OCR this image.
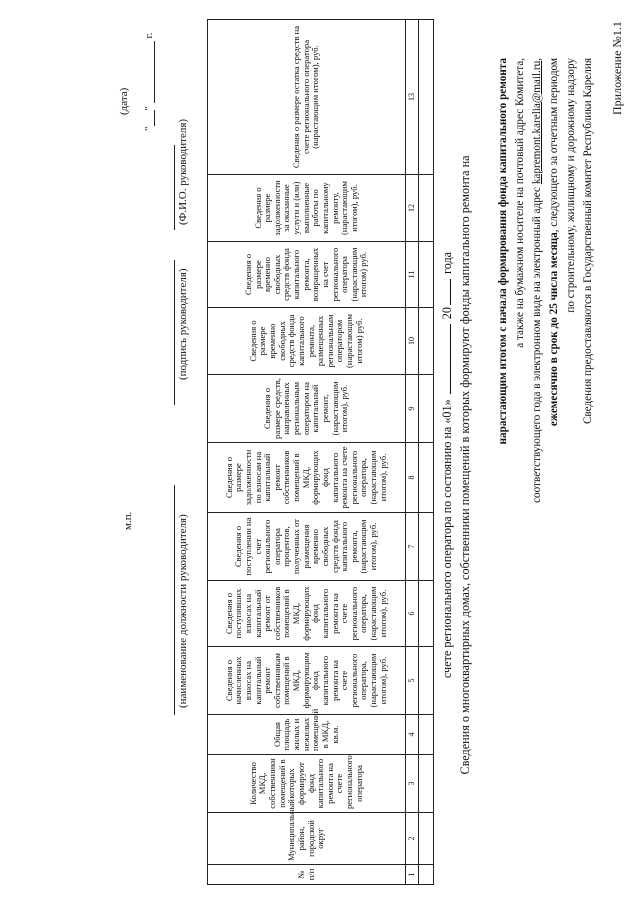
Приложение №1.1
Сведения предоставляются в Государственный комитет Республики Карелия
по строительному, жилищному и дорожному надзору
ежемесячно в срок до 25 числа месяца, следующего за отчетным периодом
соответствующего года в электронном виде на электронный адрес kapremont.karelia@mail.ru,
а также на бумажном носителе на почтовый адрес Комитета,
нарастающим итогом с начала формирования фонда капитального ремонта
Сведения о многоквартирных домах, собственники помещений в которых формируют фонды капитального ремонта на
счете регионального оператора по состоянию на «01»  20 года
№ п/п	Муниципальный район, городской округ	Количество МКД, собственники помещений в которых формируют фонд капитального ремонта на счете регионального оператора	Общая площадь жилых и нежилых помещений в МКД, кв.м.	Сведения о начисленных взносах на капитальный ремонт собственникам помещений в МКД, формирующим фонд капитального ремонта на счете регионального оператора, (нарастающим итогом), руб.	Сведения о поступивших взносах на капитальный ремонт от собственников помещений в МКД, формирующих фонд капитального ремонта на счете регионального оператора, (нарастающим итогом), руб.	Сведения о поступлении на счет регионального оператора процентов, полученных от размещения временно свободных средств фонда капитального ремонта, (нарастающим итогом), руб.	Сведения о размере задолженности по взносам на капитальный ремонт собственников помещений в МКД, формирующих фонд капитального ремонта на счете регионального оператора, (нарастающим итогом), руб.	Сведения о размере средств, направленных региональным оператором на капитальный ремонт, (нарастающим итогом), руб.	Сведения о размере временно свободных средств фонда капитального ремонта, размещенных региональным оператором (нарастающим итогом) руб.	Сведения о размере временно свободных средств фонда капитального ремонта, возвращенных на счет регионального оператора (нарастающим итогом) руб.	Сведения о размере задолженности за оказанные услуги и (или) выполненные работы по капитальному ремонту, (нарастающим итогом), руб.	Сведения о размере остатка средств на счете регионального оператора (нарастающим итогом), руб.
1	2	3	4	5	6	7	8	9	10	11	12	13

(наименование должности руководителя)
(подпись руководителя)
(Ф.И.О. руководителя)
м.п.
""  г.
(дата)
